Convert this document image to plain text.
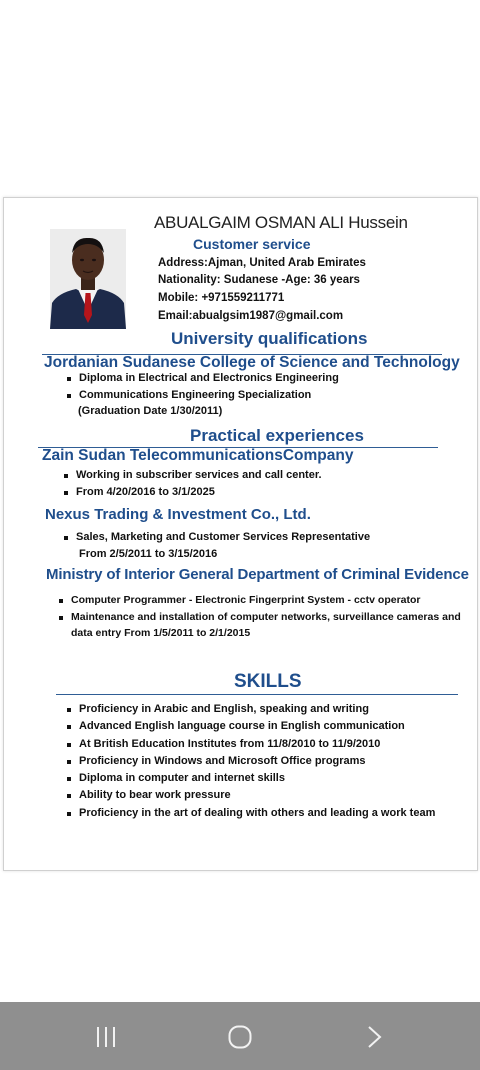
ABUALGAIM OSMAN ALI Hussein
Customer service
Address:Ajman, United Arab Emirates
Nationality: Sudanese -Age: 36 years
Mobile: +971559211771
Email:abualgsim1987@gmail.com
University qualifications
Jordanian Sudanese College of Science and Technology
Diploma in Electrical and Electronics Engineering
Communications Engineering Specialization
(Graduation Date 1/30/2011)
Practical experiences
Zain Sudan TelecommunicationsCompany
Working in subscriber services and call center.
From 4/20/2016 to 3/1/2025
Nexus Trading & Investment Co., Ltd.
Sales, Marketing and Customer Services Representative
From 2/5/2011 to 3/15/2016
Ministry of Interior General Department of Criminal Evidence
Computer Programmer - Electronic Fingerprint System - cctv operator
Maintenance and installation of computer networks, surveillance cameras and
data entry From 1/5/2011 to 2/1/2015
SKILLS
Proficiency in Arabic and English, speaking and writing
Advanced English language course in English communication
At British Education Institutes from 11/8/2010 to 11/9/2010
Proficiency in Windows and Microsoft Office programs
Diploma in computer and internet skills
Ability to bear work pressure
Proficiency in the art of dealing with others and leading a work team
